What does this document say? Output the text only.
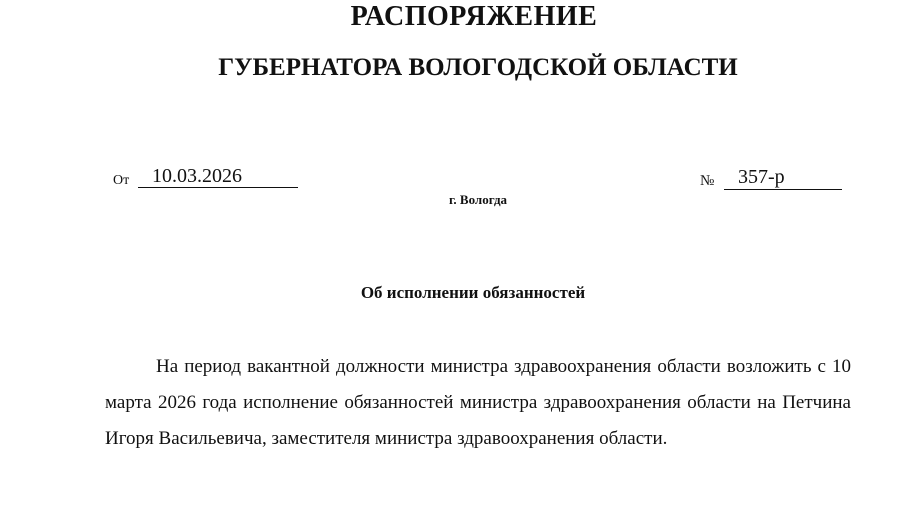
РАСПОРЯЖЕНИЕ
ГУБЕРНАТОРА ВОЛОГОДСКОЙ ОБЛАСТИ
От	10.03.2026
г. Вологда
№	357-р
Об исполнении обязанностей

На период вакантной должности министра здравоохранения области возложить с 10 марта 2026 года исполнение обязанностей министра здравоохранения области на Петчина Игоря Васильевича, заместителя министра здравоохранения области.
